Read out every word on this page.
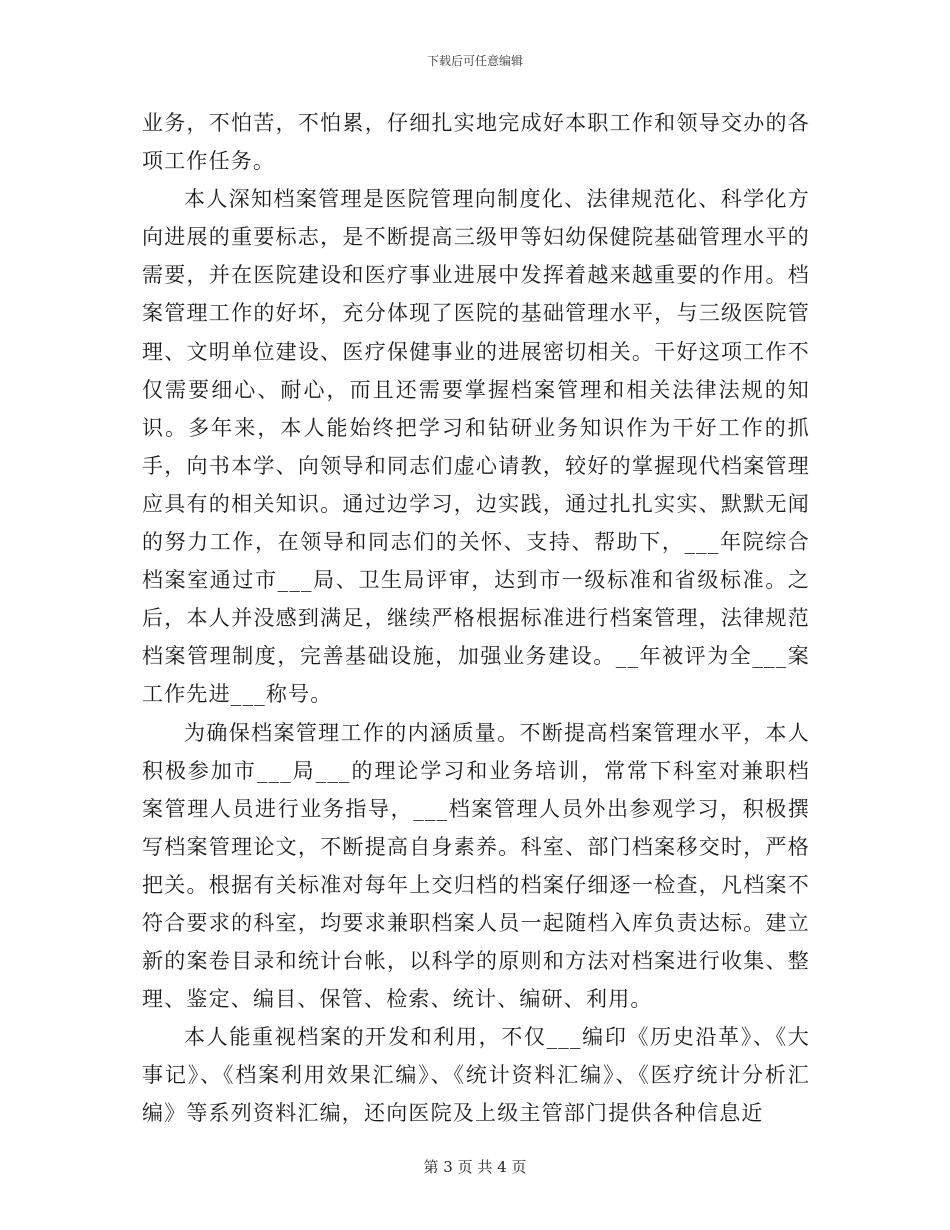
下载后可任意编辑

业务，不怕苦，不怕累，仔细扎实地完成好本职工作和领导交办的各项工作任务。

本人深知档案管理是医院管理向制度化、法律规范化、科学化方向进展的重要标志，是不断提高三级甲等妇幼保健院基础管理水平的需要，并在医院建设和医疗事业进展中发挥着越来越重要的作用。档案管理工作的好坏，充分体现了医院的基础管理水平，与三级医院管理、文明单位建设、医疗保健事业的进展密切相关。干好这项工作不仅需要细心、耐心，而且还需要掌握档案管理和相关法律法规的知识。多年来，本人能始终把学习和钻研业务知识作为干好工作的抓手，向书本学、向领导和同志们虚心请教，较好的掌握现代档案管理应具有的相关知识。通过边学习，边实践，通过扎扎实实、默默无闻的努力工作，在领导和同志们的关怀、支持、帮助下，___年院综合档案室通过市___局、卫生局评审，达到市一级标准和省级标准。之后，本人并没感到满足，继续严格根据标准进行档案管理，法律规范档案管理制度，完善基础设施，加强业务建设。__年被评为全___案工作先进___称号。

为确保档案管理工作的内涵质量。不断提高档案管理水平，本人积极参加市___局___的理论学习和业务培训，常常下科室对兼职档案管理人员进行业务指导，___档案管理人员外出参观学习，积极撰写档案管理论文，不断提高自身素养。科室、部门档案移交时，严格把关。根据有关标准对每年上交归档的档案仔细逐一检查，凡档案不符合要求的科室，均要求兼职档案人员一起随档入库负责达标。建立新的案卷目录和统计台帐，以科学的原则和方法对档案进行收集、整理、鉴定、编目、保管、检索、统计、编研、利用。

本人能重视档案的开发和利用，不仅___编印《历史沿革》、《大事记》、《档案利用效果汇编》、《统计资料汇编》、《医疗统计分析汇编》等系列资料汇编，还向医院及上级主管部门提供各种信息近

第 3 页 共 4 页
